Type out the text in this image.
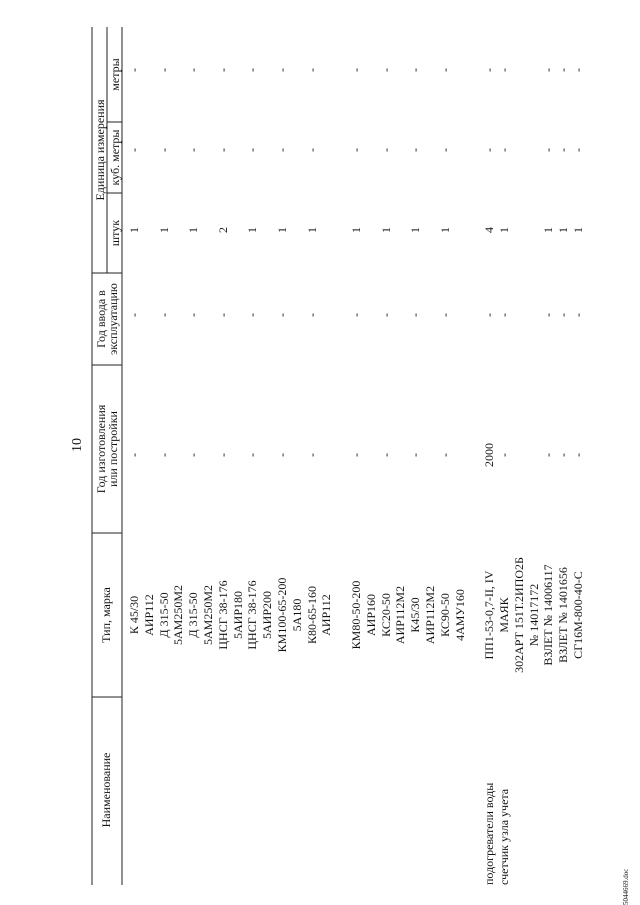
10
Наименование
Тип, марка
Год изготовления
или постройки
Год ввода в
эксплуатацию
Единица измерения
штук
куб. метры
метры
К 45/30
-
-
1
-
-
АИР112 Д 315-50
-
-
1
-
-
5АМ250М2 Д 315-50
-
-
1
-
-
5АМ250М2 ЦНСГ 38-176
-
-
2
-
-
5АИР180 ЦНСГ 38-176
-
-
1
-
-
5АИР200 КМ100-65-200
-
-
1
-
-
5А180 К80-65-160
-
-
1
-
-
АИР112 КМ80-50-200
-
-
1
-
-
АИР160 КС20-50
-
-
1
-
-
АИР112М2 К45/30
-
-
1
-
-
АИР112М2 КС90-50
-
-
1
-
-
4АМУ160
подогреватели воды
ПП1-53-0,7-II, IV
2000
-
4
-
-
счетчик узла учета
МАЯК
-
-
1
-
-
302АРТ 151Т.2ИПО2Б № 14017172 ВЗЛЕТ № 14006117
-
-
1
-
-
ВЗЛЕТ № 1401656
-
-
1
-
-
СГ16М-800-40-С
-
-
1
-
-
5044669.doc
